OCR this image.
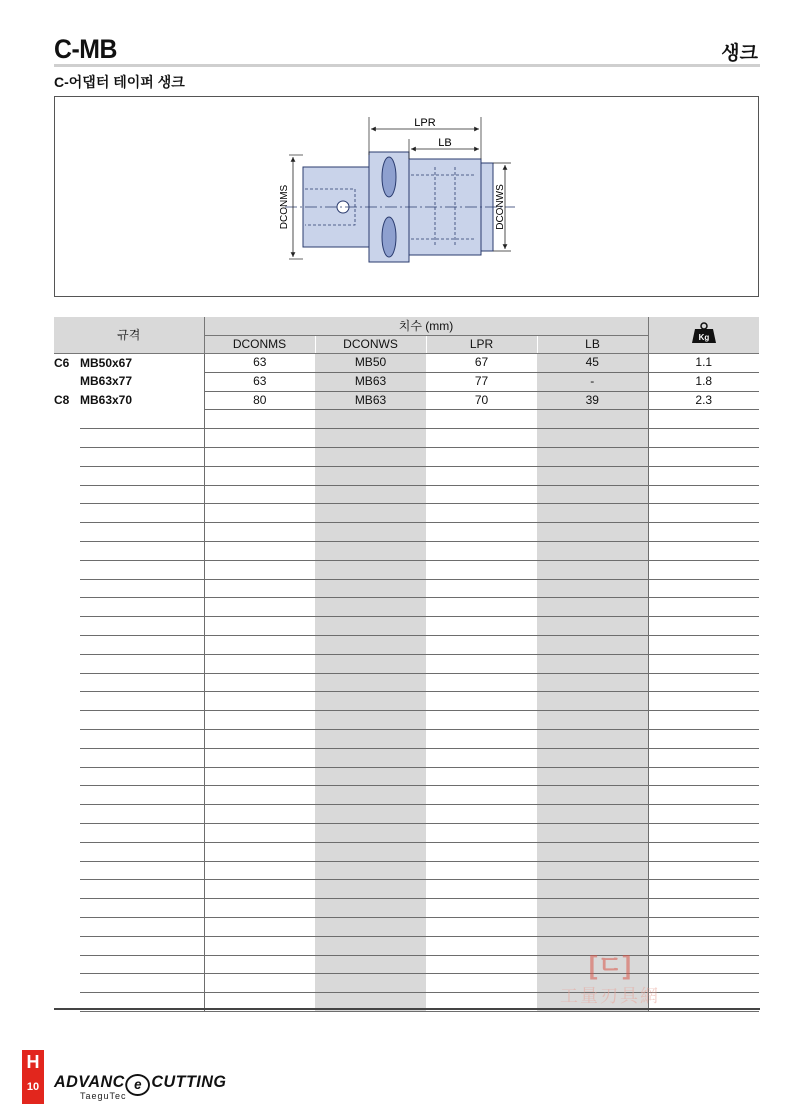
C-MB	생크
C-어댑터 테이퍼 생크
LPR
LB
DCONMS	DCONWS
규격		치수 (mm)				Kg

		DCONMS	DCONWS	LPR	LB	
C6	MB50x67	63	MB50	67	45	1.1
	MB63x77	63	MB63	77	-	1.8
C8	MB63x70	80	MB63	70	39	2.3

[ㄷ]
工量刃具網
H
10 ADVANC e CUTTING
TaeguTec
